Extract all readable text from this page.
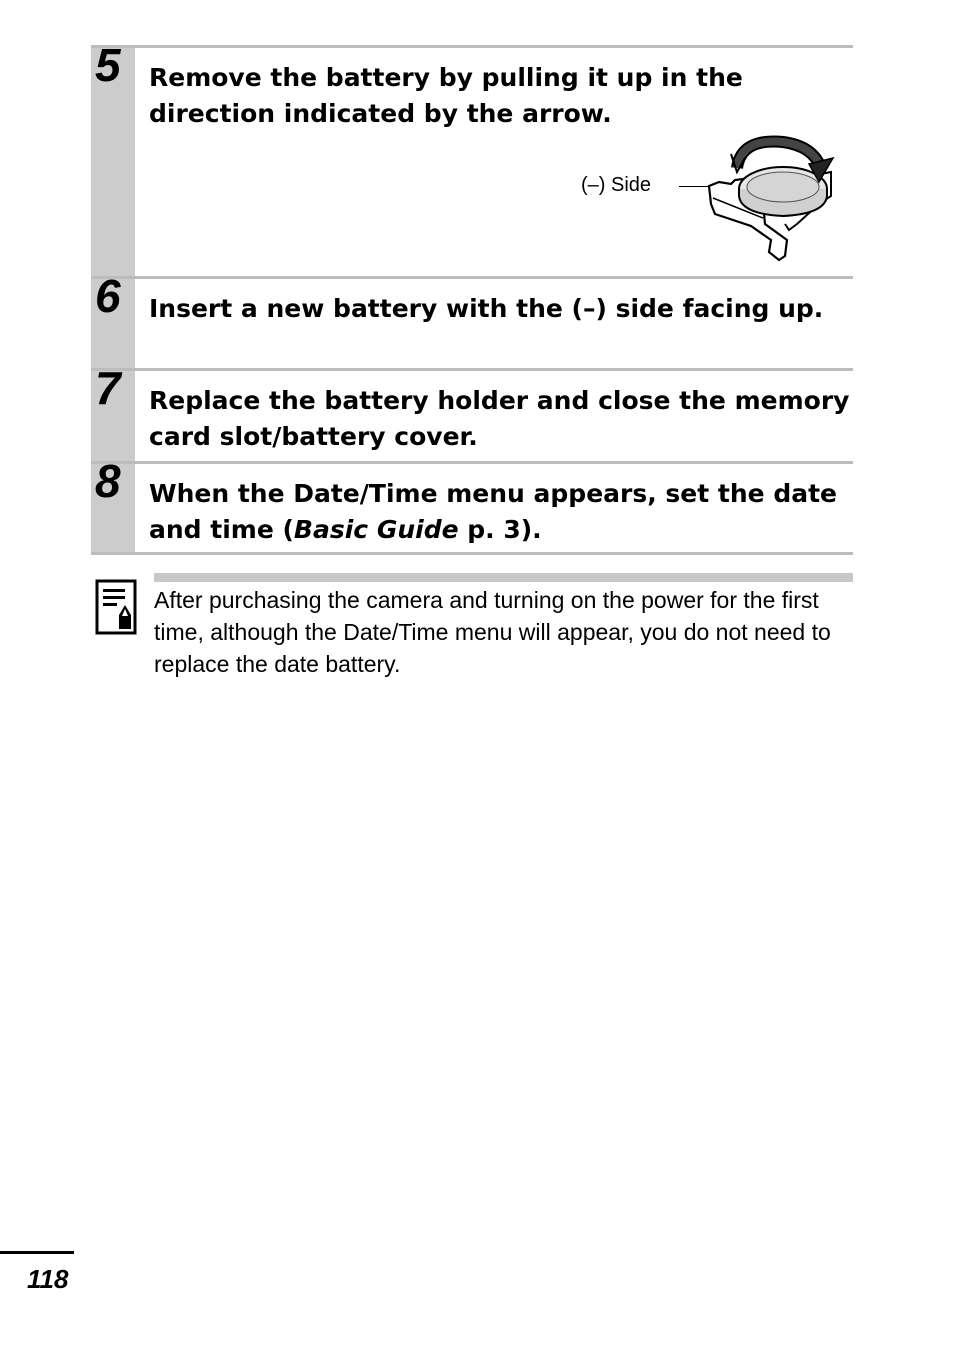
5 Remove the battery by pulling it up in the direction indicated by the arrow.

(–) Side
6 Insert a new battery with the (–) side facing up.

7 Replace the battery holder and close the memory card slot/battery cover.

8 When the Date/Time menu appears, set the date and time (Basic Guide p. 3).

After purchasing the camera and turning on the power for the first time, although the Date/Time menu will appear, you do not need to replace the date battery.

118
